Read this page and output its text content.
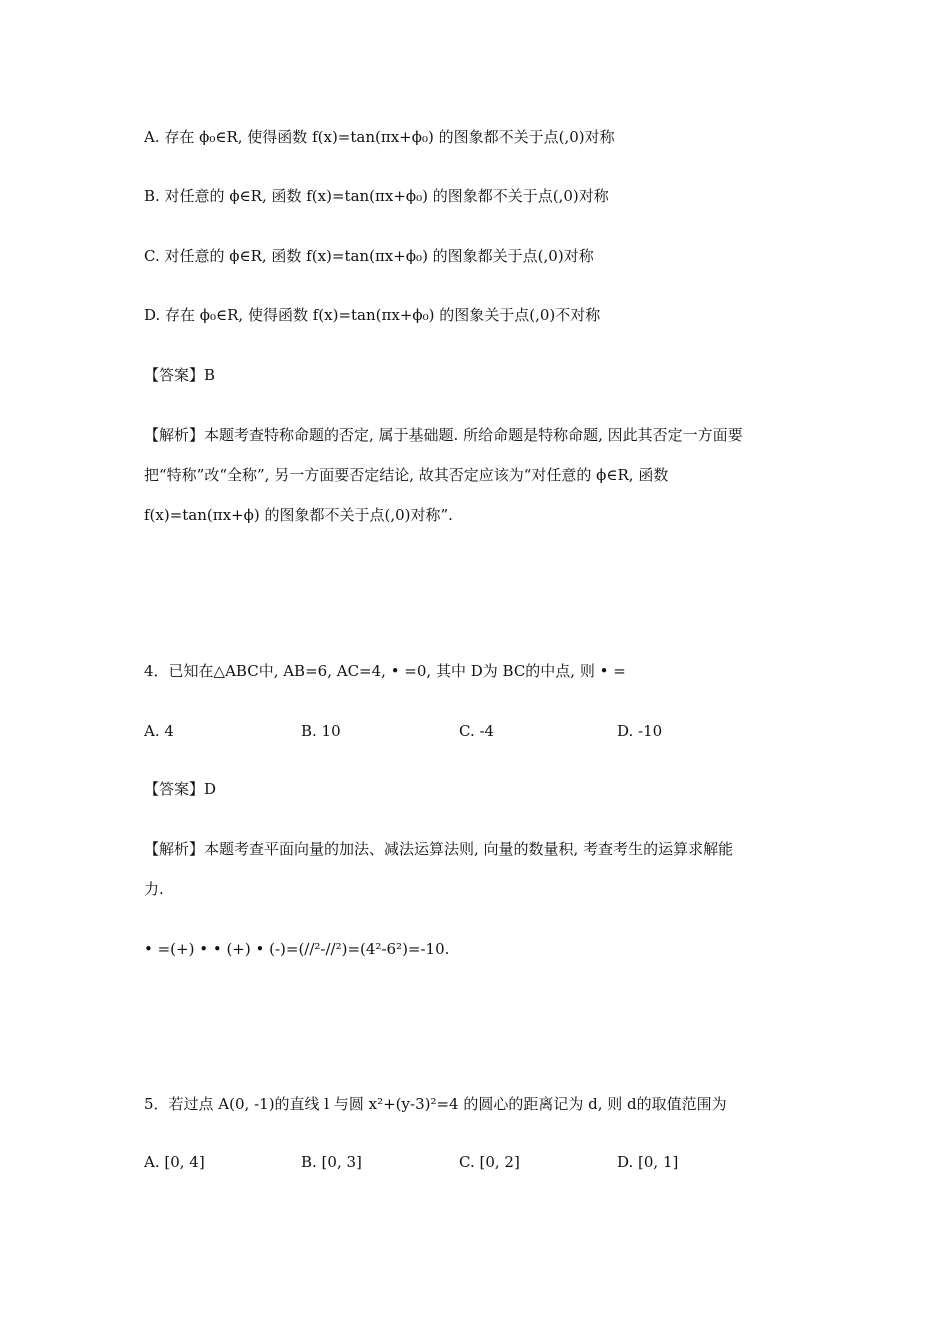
A. 存在 ϕ₀∈R, 使得函数 f(x)=tan(πx+ϕ₀) 的图象都不关于点(,0)对称
B. 对任意的 ϕ∈R, 函数 f(x)=tan(πx+ϕ₀) 的图象都不关于点(,0)对称
C. 对任意的 ϕ∈R, 函数 f(x)=tan(πx+ϕ₀) 的图象都关于点(,0)对称
D. 存在 ϕ₀∈R, 使得函数 f(x)=tan(πx+ϕ₀) 的图象关于点(,0)不对称
【答案】B
【解析】本题考查特称命题的否定, 属于基础题. 所给命题是特称命题, 因此其否定一方面要
把“特称”改“全称”, 另一方面要否定结论, 故其否定应该为“对任意的 ϕ∈R, 函数
f(x)=tan(πx+ϕ) 的图象都不关于点(,0)对称”.
4．已知在△ABC中, AB=6, AC=4, • =0, 其中 D为 BC的中点, 则 • =
A. 4	B. 10	C. -4	D. -10
【答案】D
【解析】本题考查平面向量的加法、减法运算法则, 向量的数量积, 考查考生的运算求解能
力.
• =(+) • • (+) • (-)=(//²-//²)=(4²-6²)=-10.
5．若过点 A(0, -1)的直线 l 与圆 x²+(y-3)²=4 的圆心的距离记为 d, 则 d的取值范围为
A. [0, 4]	B. [0, 3]	C. [0, 2]	D. [0, 1]
